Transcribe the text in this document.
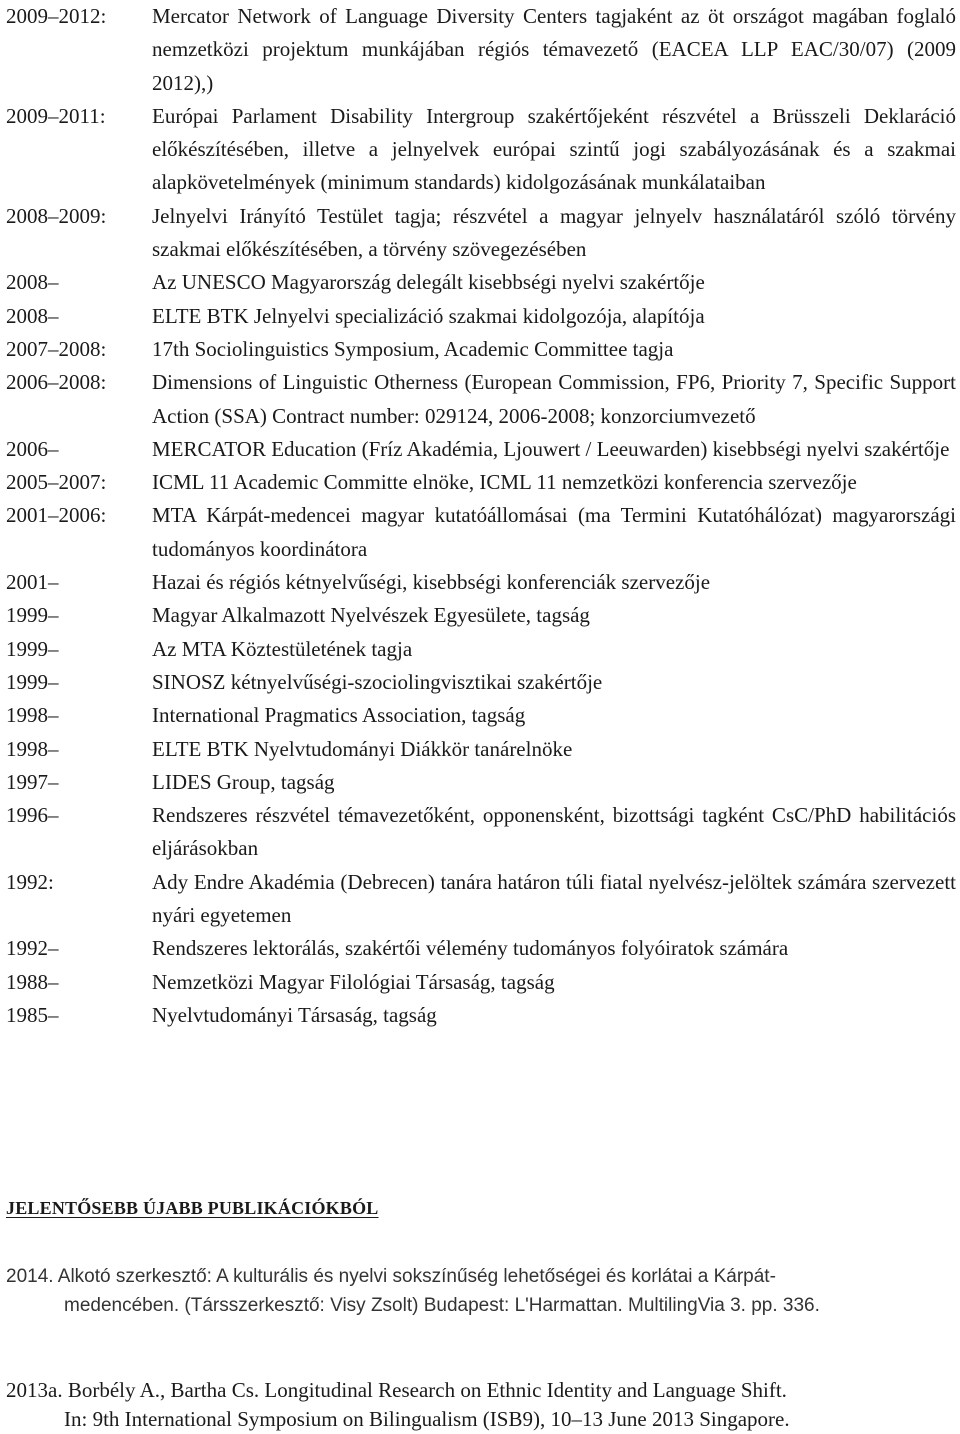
2009–2012:	Mercator Network of Language Diversity Centers tagjaként az öt országot magában foglaló nemzetközi projektum munkájában régiós témavezető (EACEA LLP EAC/30/07) (2009 2012),)
2009–2011:	Európai Parlament Disability Intergroup szakértőjeként részvétel a Brüsszeli Deklaráció előkészítésében, illetve a jelnyelvek európai szintű jogi szabályozásának és a szakmai alapkövetelmények (minimum standards) kidolgozásának munkálataiban
2008–2009:	Jelnyelvi Irányító Testület tagja; részvétel a magyar jelnyelv használatáról szóló törvény szakmai előkészítésében, a törvény szövegezésében
2008–	Az UNESCO Magyarország delegált kisebbségi nyelvi szakértője
2008–	ELTE BTK Jelnyelvi specializáció szakmai kidolgozója, alapítója
2007–2008:	17th Sociolinguistics Symposium, Academic Committee tagja
2006–2008:	Dimensions of Linguistic Otherness (European Commission, FP6, Priority 7, Specific Support Action (SSA) Contract number: 029124, 2006-2008; konzorciumvezető
2006–	MERCATOR Education (Fríz Akadémia, Ljouwert / Leeuwarden) kisebbségi nyelvi szakértője
2005–2007:	ICML 11 Academic Committe elnöke, ICML 11 nemzetközi konferencia szervezője
2001–2006:	MTA Kárpát-medencei magyar kutatóállomásai (ma Termini Kutatóhálózat) magyarországi tudományos koordinátora
2001–	Hazai és régiós kétnyelvűségi, kisebbségi konferenciák szervezője
1999–	Magyar Alkalmazott Nyelvészek Egyesülete, tagság
1999–	Az MTA Köztestületének tagja
1999–	SINOSZ kétnyelvűségi-szociolingvisztikai szakértője
1998–	International Pragmatics Association, tagság
1998–	ELTE BTK Nyelvtudományi Diákkör tanárelnöke
1997–	LIDES Group, tagság
1996–	Rendszeres részvétel témavezetőként, opponensként, bizottsági tagként CsC/PhD habilitációs eljárásokban
1992:	Ady Endre Akadémia (Debrecen) tanára határon túli fiatal nyelvész-jelöltek számára szervezett nyári egyetemen
1992–	Rendszeres lektorálás, szakértői vélemény tudományos folyóiratok számára
1988–	Nemzetközi Magyar Filológiai Társaság, tagság
1985–	Nyelvtudományi Társaság, tagság
JELENTŐSEBB ÚJABB PUBLIKÁCIÓKBÓL
2014. Alkotó szerkesztő: A kulturális és nyelvi sokszínűség lehetőségei és korlátai a Kárpát-
medencében. (Társszerkesztő: Visy Zsolt) Budapest: L'Harmattan. MultilingVia 3. pp. 336.
2013a. Borbély A., Bartha Cs. Longitudinal Research on Ethnic Identity and Language Shift.
In: 9th International Symposium on Bilingualism (ISB9), 10–13 June 2013 Singapore.
